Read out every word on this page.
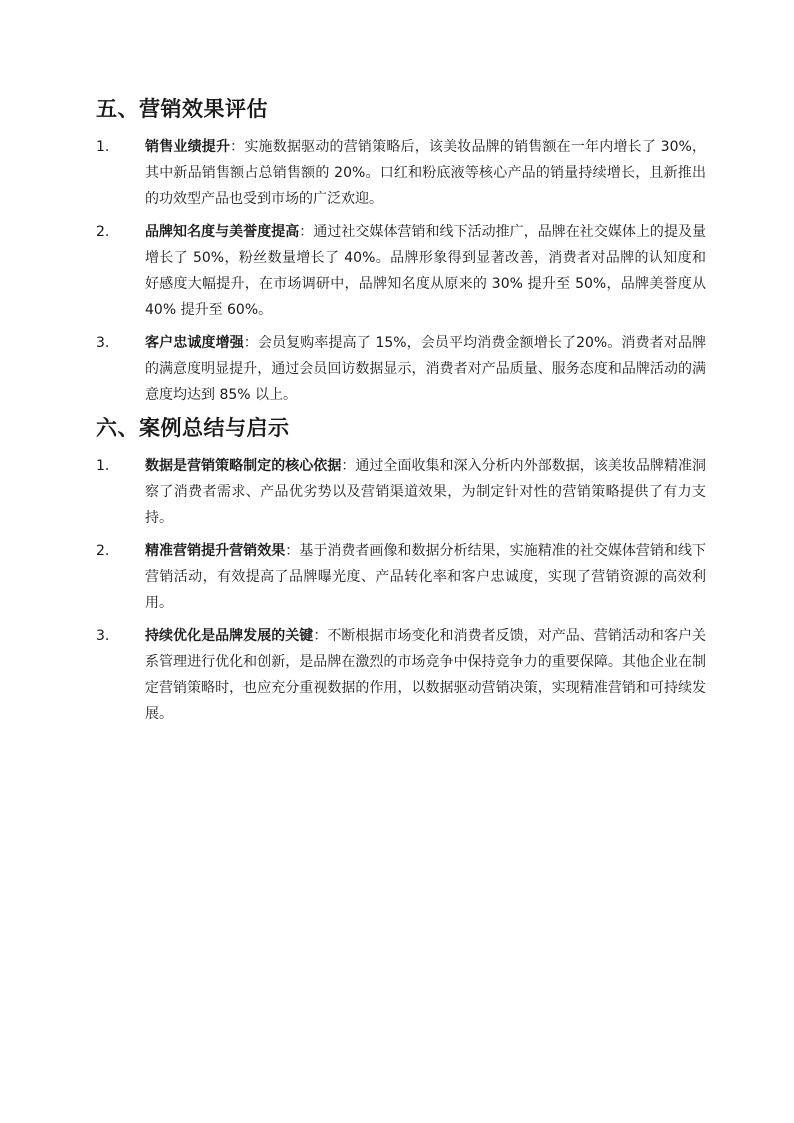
五、营销效果评估
1.	销售业绩提升：实施数据驱动的营销策略后，该美妆品牌的销售额在一年内增长了 30%，其中新品销售额占总销售额的 20%。口红和粉底液等核心产品的销量持续增长，且新推出的功效型产品也受到市场的广泛欢迎。
2.	品牌知名度与美誉度提高：通过社交媒体营销和线下活动推广，品牌在社交媒体上的提及量增长了 50%，粉丝数量增长了 40%。品牌形象得到显著改善，消费者对品牌的认知度和好感度大幅提升，在市场调研中，品牌知名度从原来的 30% 提升至 50%，品牌美誉度从 40% 提升至 60%。
3.	客户忠诚度增强：会员复购率提高了 15%，会员平均消费金额增长了20%。消费者对品牌的满意度明显提升，通过会员回访数据显示，消费者对产品质量、服务态度和品牌活动的满意度均达到 85% 以上。
六、案例总结与启示
1.	数据是营销策略制定的核心依据：通过全面收集和深入分析内外部数据，该美妆品牌精准洞察了消费者需求、产品优劣势以及营销渠道效果，为制定针对性的营销策略提供了有力支持。
2.	精准营销提升营销效果：基于消费者画像和数据分析结果，实施精准的社交媒体营销和线下营销活动，有效提高了品牌曝光度、产品转化率和客户忠诚度，实现了营销资源的高效利用。
3.	持续优化是品牌发展的关键：不断根据市场变化和消费者反馈，对产品、营销活动和客户关系管理进行优化和创新，是品牌在激烈的市场竞争中保持竞争力的重要保障。其他企业在制定营销策略时，也应充分重视数据的作用，以数据驱动营销决策，实现精准营销和可持续发展。
